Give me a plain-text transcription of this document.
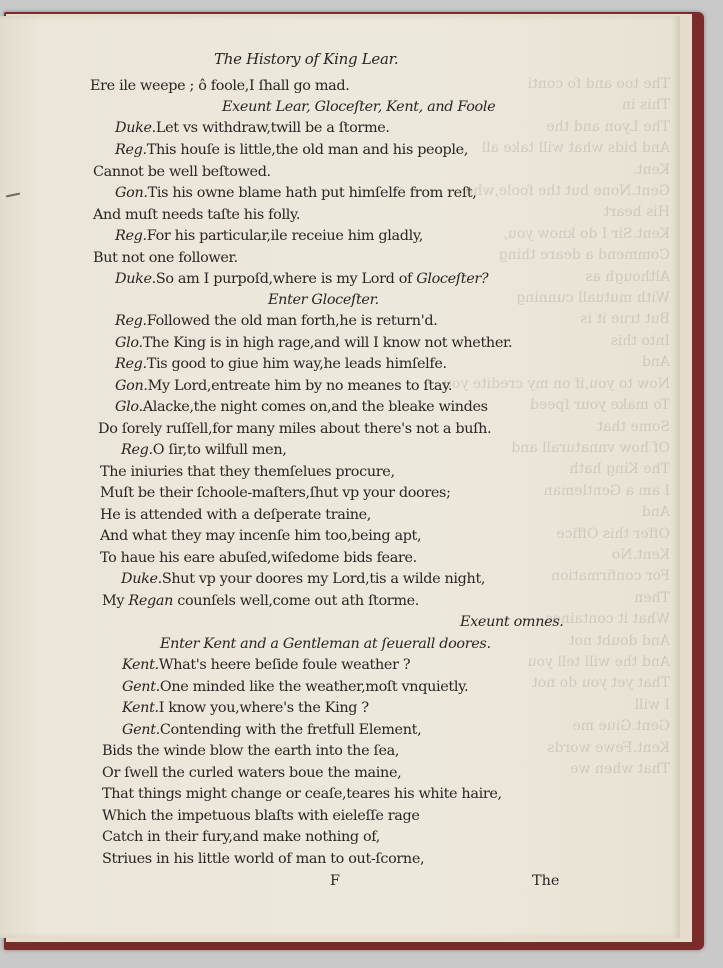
The too and fo conti
This in
The Lyon and the
And bids what will take all
Kent.
Gent.None but the foole,who
His heart
Kent.Sir I do know you,
Commend a deare thing
Although as
With mutuall cunning
But true it is
Into this
And
Now to you,if on my credite you
To make your ſpeed
Some that
Of how vnnaturall and
The King hath
I am a Gentleman
And
Offer this Office
Kent.No
For confirmation
Then
What it containes
And doubt not
And the will tell you
That yet you do not
I will
Gent.Giue me
Kent.Fewe words
That when we
The History of King Lear.
Ere ile weepe ; ô foole,I ſhall go mad.
Exeunt Lear, Gloceſter, Kent, and Foole
Duke.Let vs withdraw,twill be a ſtorme.
Reg.This houſe is little,the old man and his people,
Cannot be well beſtowed.
Gon.Tis his owne blame hath put himſelfe from reſt,
And muſt needs taſte his folly.
Reg.For his particular,ile receiue him gladly,
But not one follower.
Duke.So am I purpoſd,where is my Lord of Gloceſter?
Enter Gloceſter.
Reg.Followed the old man forth,he is return'd.
Glo.The King is in high rage,and will I know not whether.
Reg.Tis good to giue him way,he leads himſelfe.
Gon.My Lord,entreate him by no meanes to ſtay.
Glo.Alacke,the night comes on,and the bleake windes
Do ſorely ruſſell,for many miles about there's not a buſh.
Reg.O ſir,to wilfull men,
The iniuries that they themſelues procure,
Muſt be their ſchoole-maſters,ſhut vp your doores;
He is attended with a deſperate traine,
And what they may incenſe him too,being apt,
To haue his eare abuſed,wiſedome bids feare.
Duke.Shut vp your doores my Lord,tis a wilde night,
My Regan counſels well,come out ath ſtorme.
Exeunt omnes.
Enter Kent and a Gentleman at ſeuerall doores.
Kent.What's heere beſide foule weather ?
Gent.One minded like the weather,moſt vnquietly.
Kent.I know you,where's the King ?
Gent.Contending with the fretfull Element,
Bids the winde blow the earth into the ſea,
Or ſwell the curled waters boue the maine,
That things might change or ceaſe,teares his white haire,
Which the impetuous blaſts with eieleſſe rage
Catch in their fury,and make nothing of,
Striues in his little world of man to out-ſcorne,
F	The
